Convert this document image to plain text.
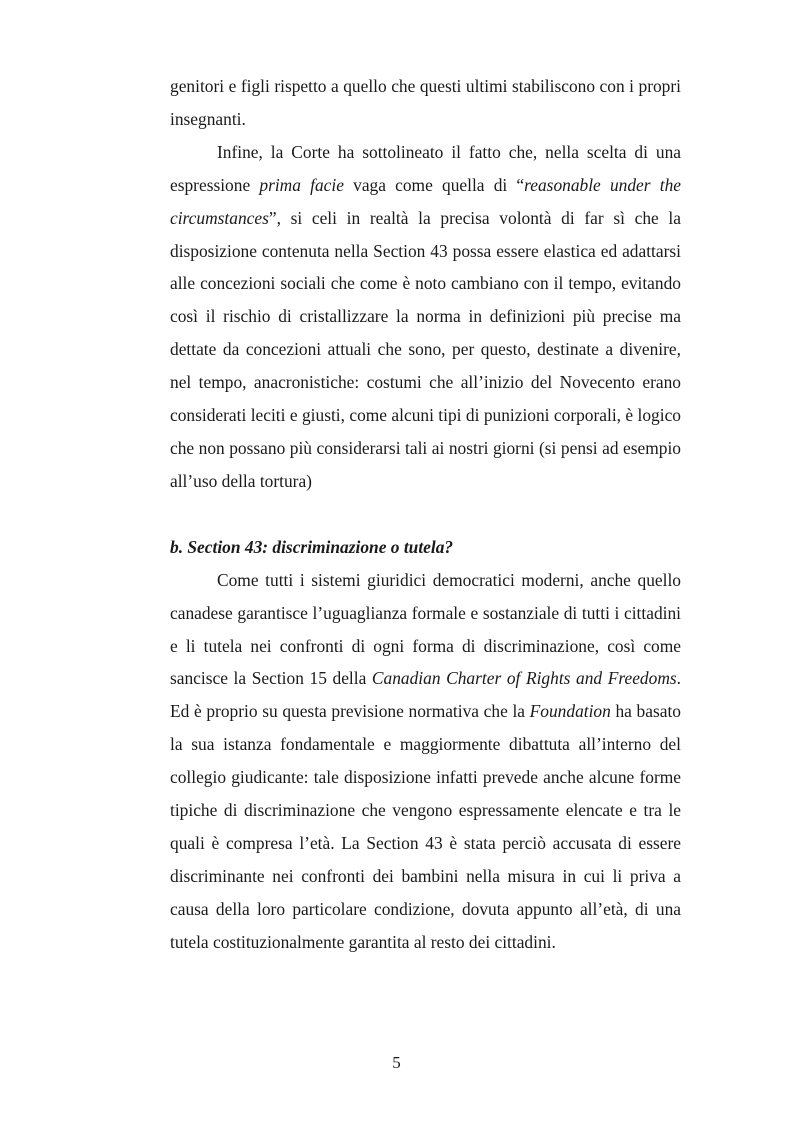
genitori e figli rispetto a quello che questi ultimi stabiliscono con i propri insegnanti.

Infine, la Corte ha sottolineato il fatto che, nella scelta di una espressione prima facie vaga come quella di “reasonable under the circumstances”, si celi in realtà la precisa volontà di far sì che la disposizione contenuta nella Section 43 possa essere elastica ed adattarsi alle concezioni sociali che come è noto cambiano con il tempo, evitando così il rischio di cristallizzare la norma in definizioni più precise ma dettate da concezioni attuali che sono, per questo, destinate a divenire, nel tempo, anacronistiche: costumi che all’inizio del Novecento erano considerati leciti e giusti, come alcuni tipi di punizioni corporali, è logico che non possano più considerarsi tali ai nostri giorni (si pensi ad esempio all’uso della tortura)

b. Section 43: discriminazione o tutela?

Come tutti i sistemi giuridici democratici moderni, anche quello canadese garantisce l’uguaglianza formale e sostanziale di tutti i cittadini e li tutela nei confronti di ogni forma di discriminazione, così come sancisce la Section 15 della Canadian Charter of Rights and Freedoms. Ed è proprio su questa previsione normativa che la Foundation ha basato la sua istanza fondamentale e maggiormente dibattuta all’interno del collegio giudicante: tale disposizione infatti prevede anche alcune forme tipiche di discriminazione che vengono espressamente elencate e tra le quali è compresa l’età. La Section 43 è stata perciò accusata di essere discriminante nei confronti dei bambini nella misura in cui li priva a causa della loro particolare condizione, dovuta appunto all’età, di una tutela costituzionalmente garantita al resto dei cittadini.

5
